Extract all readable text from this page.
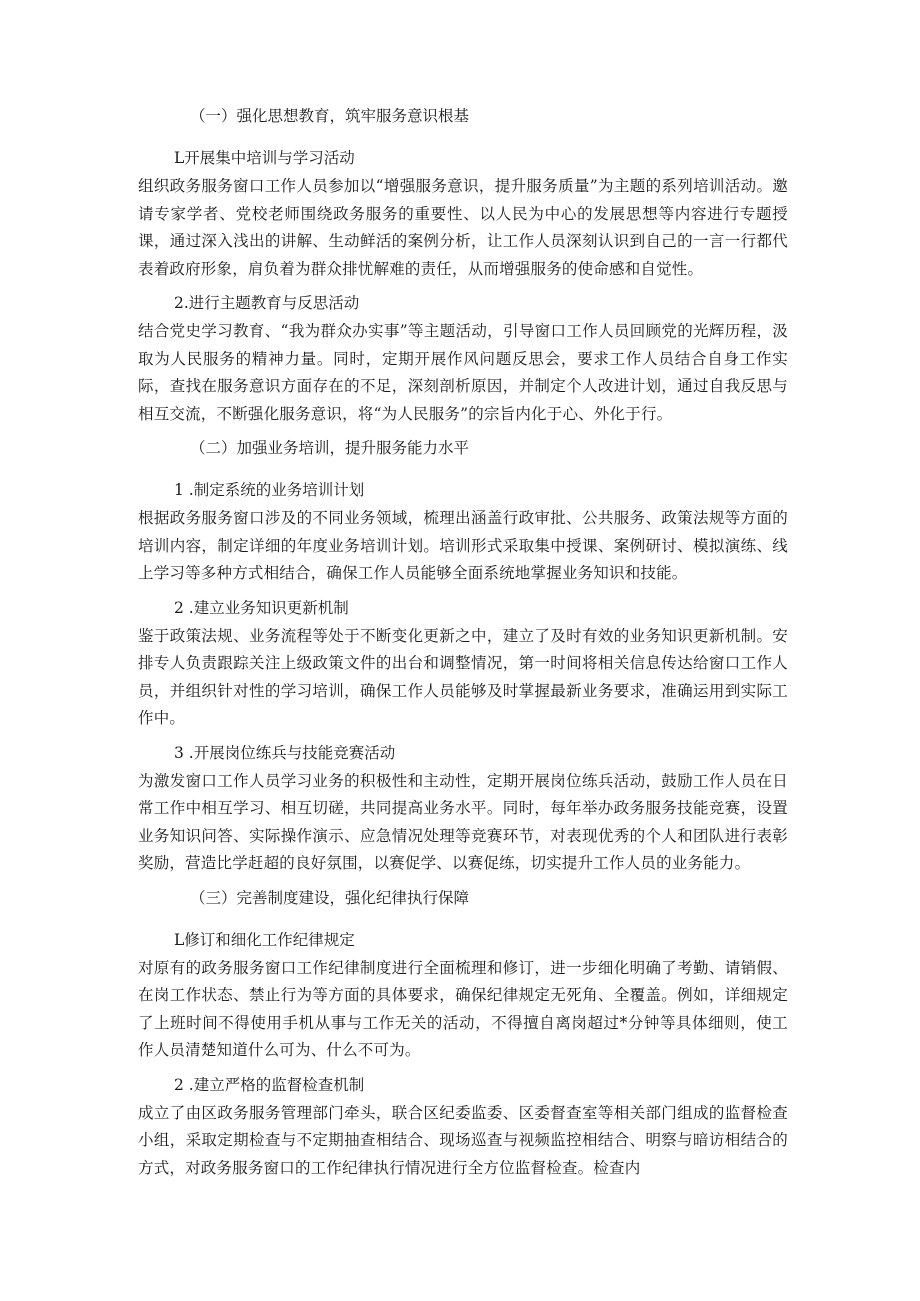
（一）强化思想教育，筑牢服务意识根基
L开展集中培训与学习活动
组织政务服务窗口工作人员参加以“增强服务意识，提升服务质量”为主题的系列培训活动。邀请专家学者、党校老师围绕政务服务的重要性、以人民为中心的发展思想等内容进行专题授课，通过深入浅出的讲解、生动鲜活的案例分析，让工作人员深刻认识到自己的一言一行都代表着政府形象，肩负着为群众排忧解难的责任，从而增强服务的使命感和自觉性。
2.进行主题教育与反思活动
结合党史学习教育、“我为群众办实事”等主题活动，引导窗口工作人员回顾党的光辉历程，汲取为人民服务的精神力量。同时，定期开展作风问题反思会，要求工作人员结合自身工作实际，查找在服务意识方面存在的不足，深刻剖析原因，并制定个人改进计划，通过自我反思与相互交流，不断强化服务意识，将“为人民服务”的宗旨内化于心、外化于行。
（二）加强业务培训，提升服务能力水平
1 .制定系统的业务培训计划
根据政务服务窗口涉及的不同业务领域，梳理出涵盖行政审批、公共服务、政策法规等方面的培训内容，制定详细的年度业务培训计划。培训形式采取集中授课、案例研讨、模拟演练、线上学习等多种方式相结合，确保工作人员能够全面系统地掌握业务知识和技能。
2 .建立业务知识更新机制
鉴于政策法规、业务流程等处于不断变化更新之中，建立了及时有效的业务知识更新机制。安排专人负责跟踪关注上级政策文件的出台和调整情况，第一时间将相关信息传达给窗口工作人员，并组织针对性的学习培训，确保工作人员能够及时掌握最新业务要求，准确运用到实际工作中。
3 .开展岗位练兵与技能竞赛活动
为激发窗口工作人员学习业务的积极性和主动性，定期开展岗位练兵活动，鼓励工作人员在日常工作中相互学习、相互切磋，共同提高业务水平。同时，每年举办政务服务技能竞赛，设置业务知识问答、实际操作演示、应急情况处理等竞赛环节，对表现优秀的个人和团队进行表彰奖励，营造比学赶超的良好氛围，以赛促学、以赛促练，切实提升工作人员的业务能力。
（三）完善制度建设，强化纪律执行保障
L修订和细化工作纪律规定
对原有的政务服务窗口工作纪律制度进行全面梳理和修订，进一步细化明确了考勤、请销假、在岗工作状态、禁止行为等方面的具体要求，确保纪律规定无死角、全覆盖。例如，详细规定了上班时间不得使用手机从事与工作无关的活动，不得擅自离岗超过*分钟等具体细则，使工作人员清楚知道什么可为、什么不可为。
2 .建立严格的监督检查机制
成立了由区政务服务管理部门牵头，联合区纪委监委、区委督查室等相关部门组成的监督检查小组，采取定期检查与不定期抽查相结合、现场巡查与视频监控相结合、明察与暗访相结合的方式，对政务服务窗口的工作纪律执行情况进行全方位监督检查。检查内
